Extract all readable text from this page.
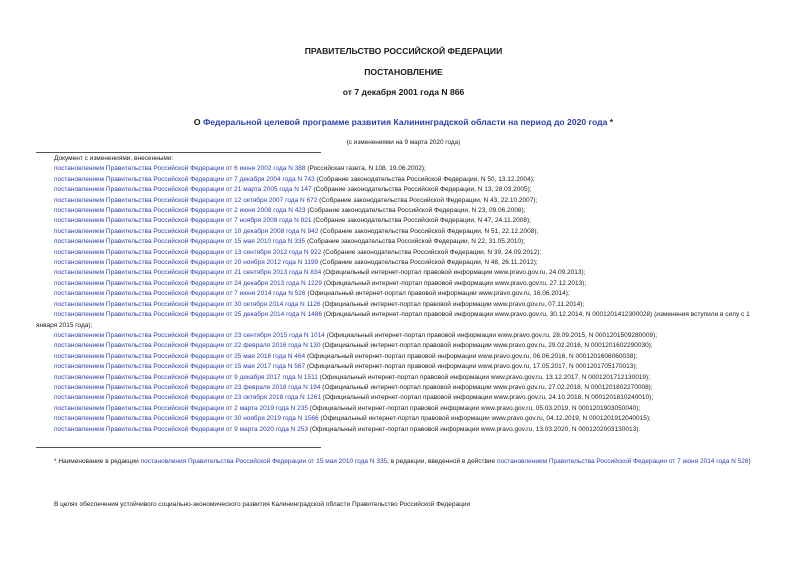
ПРАВИТЕЛЬСТВО РОССИЙСКОЙ ФЕДЕРАЦИИ
ПОСТАНОВЛЕНИЕ
от 7 декабря 2001 года N 866
О Федеральной целевой программе развития Калининградской области на период до 2020 года *
(с изменениями на 9 марта 2020 года)
Документ с изменениями, внесенными:
постановлением Правительства Российской Федерации от 6 июня 2002 года N 388 (Российская газета, N 108, 19.06.2002);
постановлением Правительства Российской Федерации от 7 декабря 2004 года N 743 (Собрание законодательства Российской Федерации, N 50, 13.12.2004);
постановлением Правительства Российской Федерации от 21 марта 2005 года N 147 (Собрание законодательства Российской Федерации, N 13, 28.03.2005);
постановлением Правительства Российской Федерации от 12 октября 2007 года N 672 (Собрание законодательства Российской Федерации, N 43, 22.10.2007);
постановлением Правительства Российской Федерации от 2 июня 2008 года N 423 (Собрание законодательства Российской Федерации, N 23, 09.06.2008);
постановлением Правительства Российской Федерации от 7 ноября 2008 года N 821 (Собрание законодательства Российской Федерации, N 47, 24.11.2008);
постановлением Правительства Российской Федерации от 10 декабря 2008 года N 942 (Собрание законодательства Российской Федерации, N 51, 22.12.2008);
постановлением Правительства Российской Федерации от 15 мая 2010 года N 335 (Собрание законодательства Российской Федерации, N 22, 31.05.2010);
постановлением Правительства Российской Федерации от 13 сентября 2012 года N 922 (Собрание законодательства Российской Федерации, N 39, 24.09.2012);
постановлением Правительства Российской Федерации от 20 ноября 2012 года N 1199 (Собрание законодательства Российской Федерации, N 48, 26.11.2012);
постановлением Правительства Российской Федерации от 21 сентября 2013 года N 834 (Официальный интернет-портал правовой информации www.pravo.gov.ru, 24.09.2013);
постановлением Правительства Российской Федерации от 24 декабря 2013 года N 1229 (Официальный интернет-портал правовой информации www.pravo.gov.ru, 27.12.2013);
постановлением Правительства Российской Федерации от 7 июня 2014 года N 526 (Официальный интернет-портал правовой информации www.pravo.gov.ru, 16.06.2014);
постановлением Правительства Российской Федерации от 30 октября 2014 года N 1126 (Официальный интернет-портал правовой информации www.pravo.gov.ru, 07.11.2014);
постановлением Правительства Российской Федерации от 25 декабря 2014 года N 1486 (Официальный интернет-портал правовой информации www.pravo.gov.ru, 30.12.2014, N 0001201412300028) (изменения вступили в силу с 1 января 2015 года);
постановлением Правительства Российской Федерации от 23 сентября 2015 года N 1014 (Официальный интернет-портал правовой информации www.pravo.gov.ru, 28.09.2015, N 0001201509280009);
постановлением Правительства Российской Федерации от 22 февраля 2016 года N 130 (Официальный интернет-портал правовой информации www.pravo.gov.ru, 29.02.2016, N 0001201602290030);
постановлением Правительства Российской Федерации от 25 мая 2016 года N 464 (Официальный интернет-портал правовой информации www.pravo.gov.ru, 06.06.2016, N 0001201606060038);
постановлением Правительства Российской Федерации от 15 мая 2017 года N 567 (Официальный интернет-портал правовой информации www.pravo.gov.ru, 17.05.2017, N 0001201705170013);
постановлением Правительства Российской Федерации от 9 декабря 2017 года N 1511 (Официальный интернет-портал правовой информации www.pravo.gov.ru, 13.12.2017, N 0001201712130019);
постановлением Правительства Российской Федерации от 23 февраля 2018 года N 194 (Официальный интернет-портал правовой информации www.pravo.gov.ru, 27.02.2018, N 0001201802270008);
постановлением Правительства Российской Федерации от 23 октября 2018 года N 1261 (Официальный интернет-портал правовой информации www.pravo.gov.ru, 24.10.2018, N 0001201810240010);
постановлением Правительства Российской Федерации от 2 марта 2019 года N 235 (Официальный интернет-портал правовой информации www.pravo.gov.ru, 05.03.2019, N 0001201903050040);
постановлением Правительства Российской Федерации от 30 ноября 2019 года N 1566 (Официальный интернет-портал правовой информации www.pravo.gov.ru, 04.12.2019, N 0001201912040015);
постановлением Правительства Российской Федерации от 9 марта 2020 года N 253 (Официальный интернет-портал правовой информации www.pravo.gov.ru, 13.03.2020, N 0001202003130013).
* Наименование в редакции постановления Правительства Российской Федерации от 15 мая 2010 года N 335; в редакции, введенной в действие постановлением Правительства Российской Федерации от 7 июня 2014 года N 526)
В целях обеспечения устойчивого социально-экономического развития Калининградской области Правительство Российской Федерации
